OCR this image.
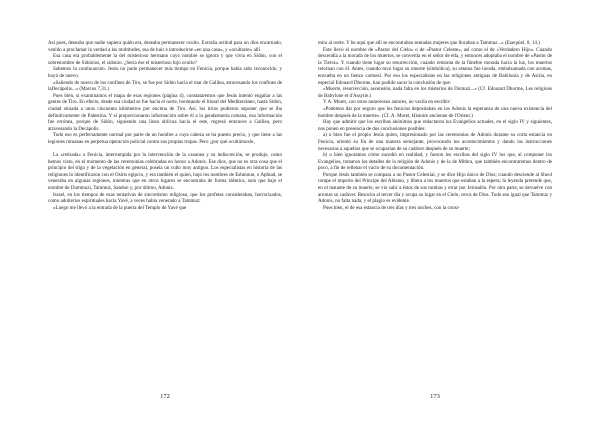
Así pues, deseaba que nadie supiera quién era, deseaba permanecer oculto. Extraña actitud para un dios encarnado, venido a proclamar la verdad a las multitudes, esa de huir e introducirse «en una casa», y «ocultarse» allí.

Esa casa era probablemente la del misterioso hermano cuyo nombre se ignora y que vivía en Sidón, con el sobrenombre de Sidónios, el sidonio. ¿Sería ése el misterioso hijo oculto?

Sabemos la continuación. Jesús no pudo permanecer más tiempo en Fenicia, porque había sido reconocido, y huyó de nuevo.

«Saliendo de nuevo de los confines de Tiro, se fue por Sidón hacia el mar de Galilea, atravesando los confines de laDecápolis...» (Marcos 7,31.)

Pues bien, si examinamos el mapa de esas regiones (página 4), constataremos que Jesús intentó engañar a las gentes de Tiro. En efecto, desde esa ciudad se fue hacia el norte, bordeando el litoral del Mediterráneo, hasta Sidón, ciudad situada a unos cincuenta kilómetros por encima de Tiro. Así, los tirios pudieron suponer que se iba definitivamente de Palestina. Y si proporcionaron información sobre él a la gendarmería romana, esa información fue errónea, porque de Sidón, siguiendo una línea oblicua hacia el este, regresó entonces a Galilea, pero atravesando la Decápolis.

Todo eso es perfectamente normal por parte de un hombre a cuya cabeza se ha puesto precio, y que tiene a las legiones romanas en perpetua operación policial contra sus propias tropas. Pero ¿por qué ocultárnoslo,

La «retirada» a Fenicia, interrumpida por la intervención de la cananea y su indiscreción, se produjo, como hemos visto, en el momento de las ceremonias celebradas en honor a Adonis. Ese dios, que no es otra cosa que el principio del trigo y de la vegetación en general, poseía un culto muy antiguo. Los especialistas en historia de las religiones lo identificaron con el Osiris egipcio, y era también el quien, bajo los nombres de Eshmoun, o Aphiad, se veneraba en algunas regiones, mientras que en otros lugares se encontraba de forma idéntica, solo que bajo el nombre de Dummuzi, Tammuz, Sandon y, por último, Adonis.

Israel, en los tiempos de esas tentativas de sincretismo religioso, que los profetas consideraban, horrorizados, como adulterios espirituales hacia Yavé, a veces había venerado a Tammuz:

«Luego me llevó a la entrada de la puerta del Templo de Yavé que

172

mira al norte. Y he aquí que allí se encontraban sentadas mujeres que lloraban a Tammuz...» (Ezequiel, 8, 14.)

Este llevó el nombre de «Pastor del Cielo» o de «Pastor Celeste», así como el de «Verdadero Hijo». Cuando descendía a la morada de los muertos, se convertía en el señor de ella, y entonces adoptaba el nombre de «Pastor de la Tierra». Y cuando tiene lugar su resurrección, cuando remonta de la fúnebre morada hacia la luz, los muertos retornan con él. Antes, cuando tuvo lugar su muerte (simbólica), su estatua fue lavada, embalsamada con aromas, envuelta en un lienzo carmesí. Por eso los especialistas en las religiones antiguas de Babilonia y de Asiria, en especial Edouard Dhorme, han podido sacar la conclusión de que:

«Muerte, resurrección, ascensión, nada falta en los misterios de Dumuzi...» (Cf. Edouard Dhorme, Les religions de Babylone et d'Assyrie.)

Y A. Moret, con otros numerosos autores, no vacila en escribir:

«Podemos dar por seguro que los fenicios depositaban en los Adonis la esperanza de una nueva existencia del hombre después de la muerte». (Cf. A. Moret, Histoire ancienne de l'Orient.)

Hay que admitir que los escribas anónimos que redactaron los Evangelios actuales, en el siglo IV y siguientes, nos ponen en presencia de dos conclusiones posibles:

a) o bien fue el propio Jesús quien, impresionado por las ceremonias de Adonis durante su corta estancia en Fenicia, orientó su fin de una manera semejante, provocando los acontecimientos y dando las instrucciones necesarias a aquellos que se ocuparían de su cadáver después de su muerte;

b) o bien ignoramos cómo sucedió en realidad, y fueron los escribas del siglo IV los que, al componer los Evangelios, tomaron los detalles de la religión de Adonis y de la de Mithra, que también encontraremos dentro de poco, a fin de rellenar el vacío de su documentación.

Porque Jesús también se compara a un Pastor Celestial, y se dice Hijo único de Dios; cuando desciende al Sheol rompe el imperio del Príncipe del Abismo, y libera a los muertos que estaban a la espera; la leyenda pretende que, en el instante de su muerte, se vio salir a éstos de sus tumbas y errar por Jerusalén. Por otra parte, se devuelve con aromas su cadáver. Resucita al tercer día y ocupa su lugar en el Cielo, cerca de Dios. Todo eso igual que Tammuz y Adonis, no falta nada, y el plagio es evidente.

Pues bien, el de esa estancia de tres días y tres noches, con la consi-

173
